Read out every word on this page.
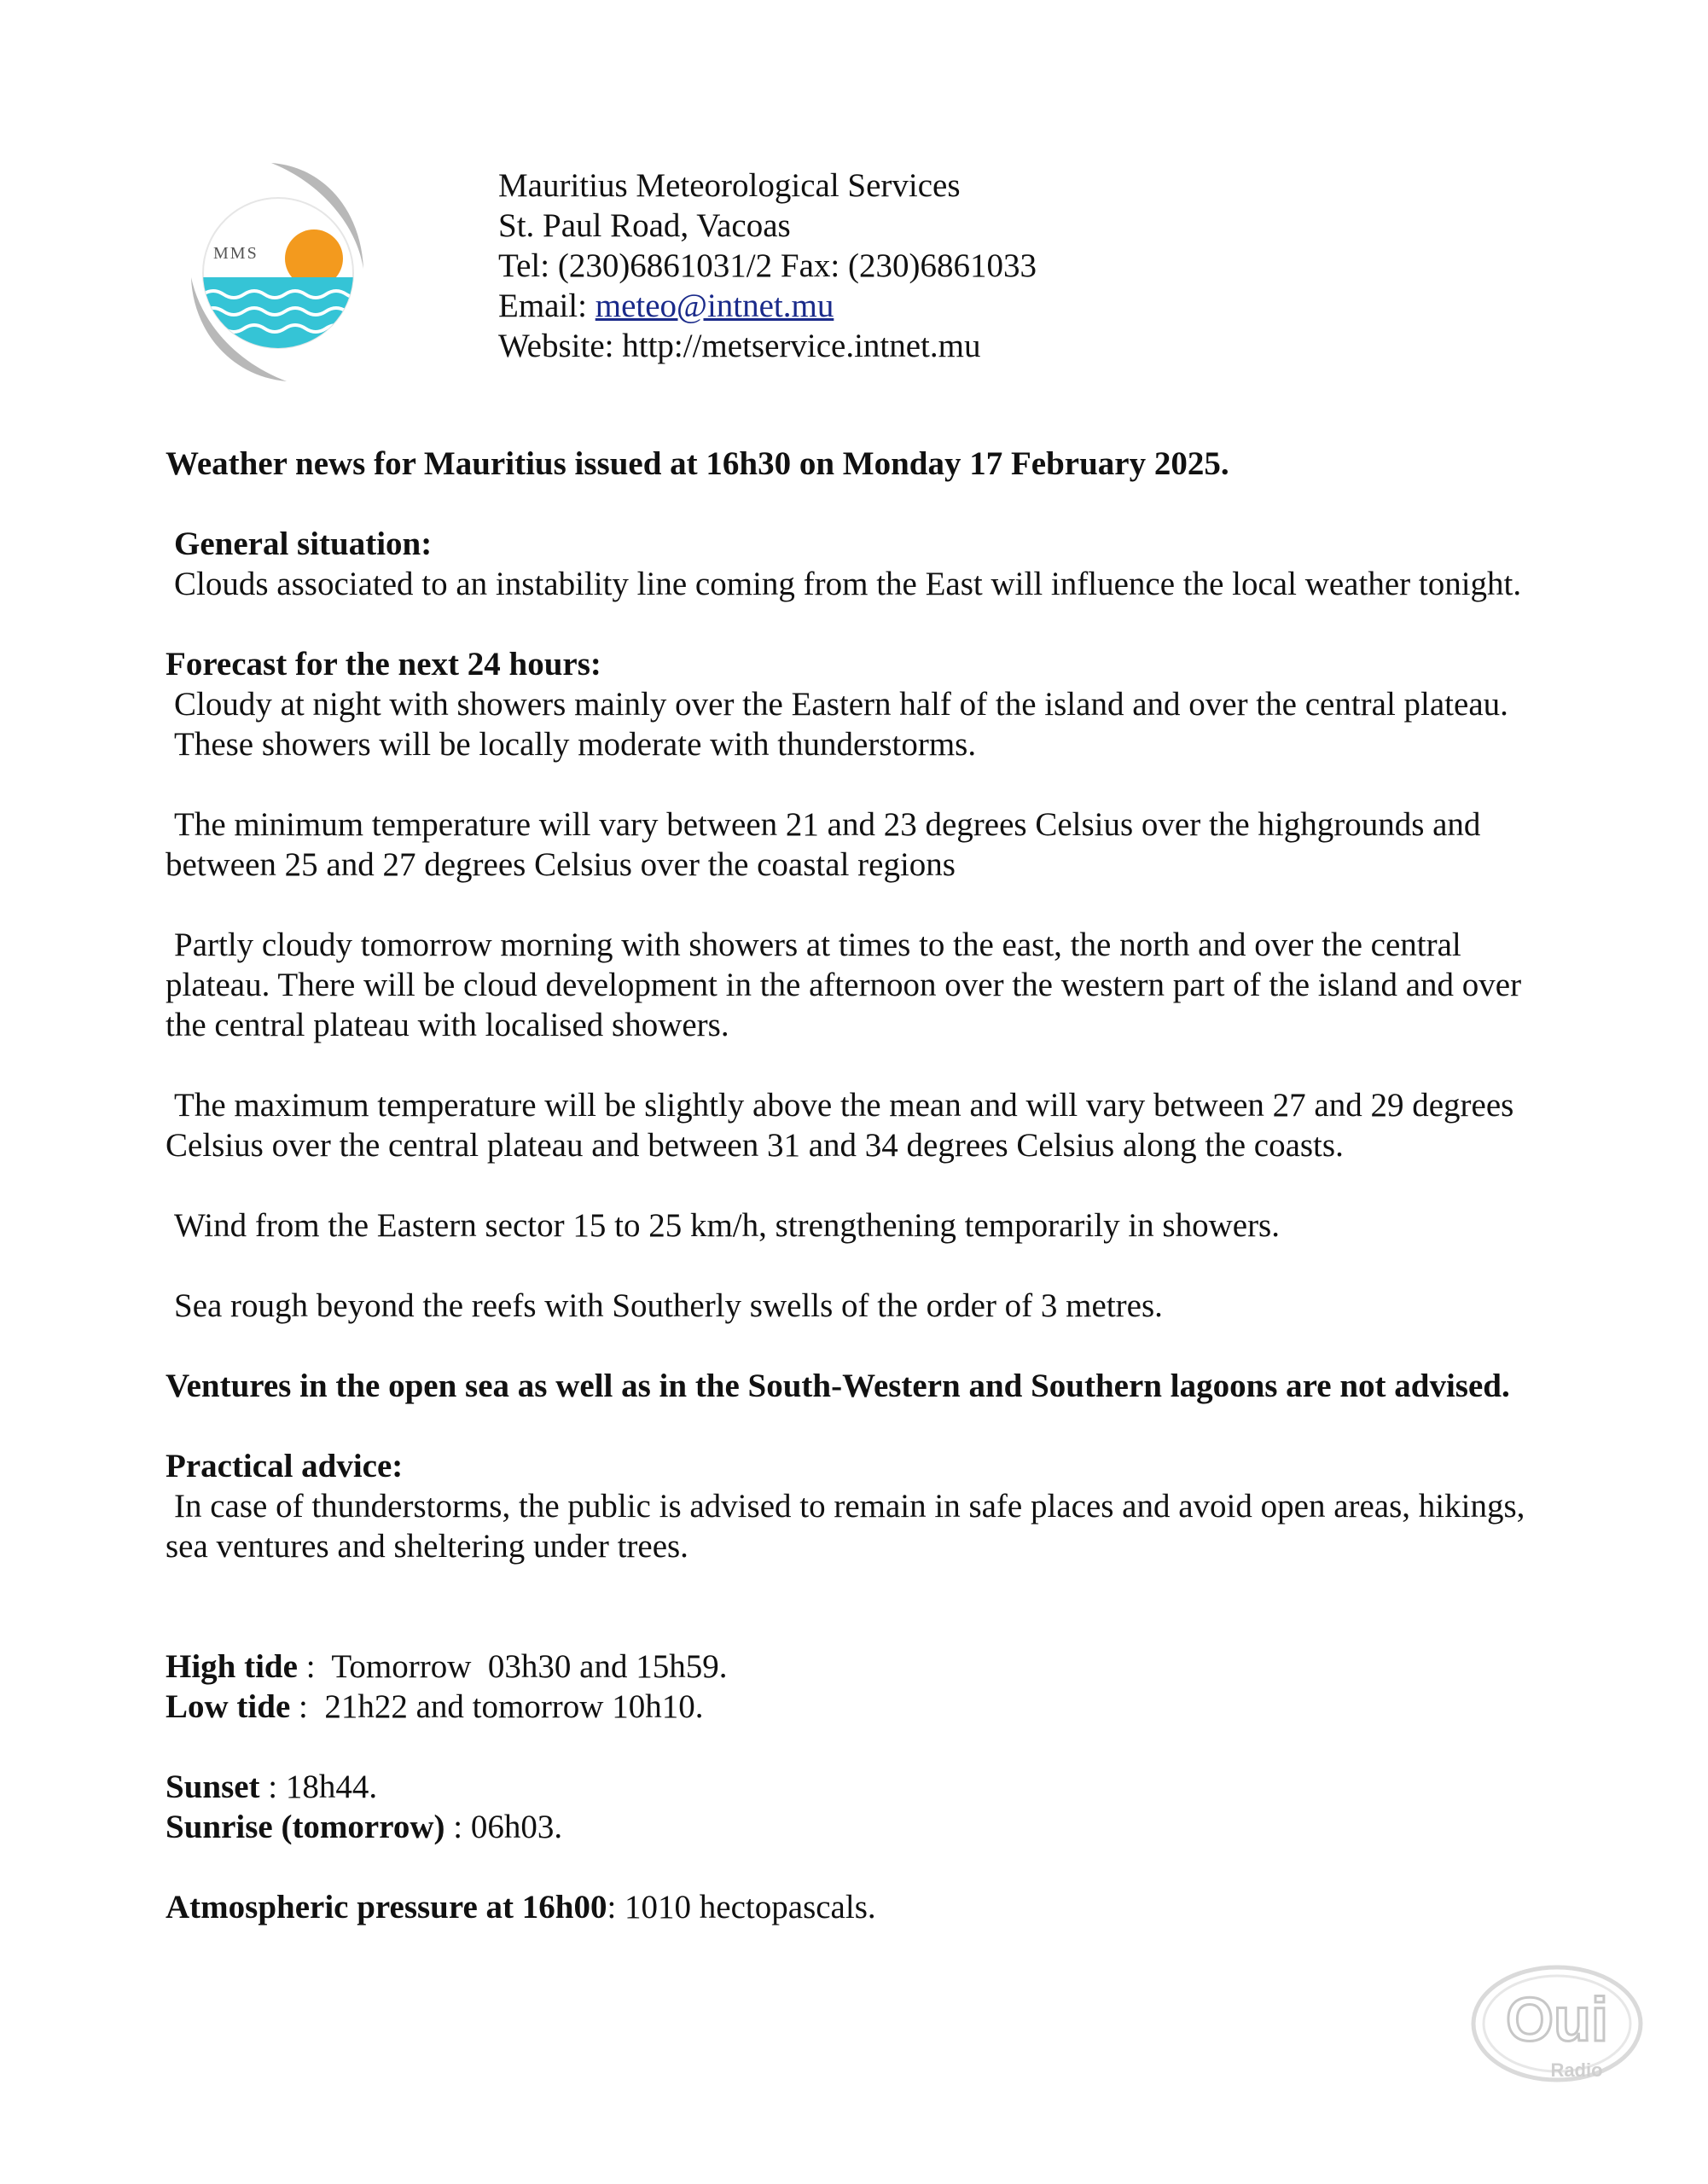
MMS
Mauritius Meteorological Services
St. Paul Road, Vacoas
Tel: (230)6861031/2 Fax: (230)6861033
Email: meteo@intnet.mu
Website: http://metservice.intnet.mu

Weather news for Mauritius issued at 16h30 on Monday 17 February 2025.

General situation:

Clouds associated to an instability line coming from the East will influence the local weather tonight.

Forecast for the next 24 hours:

Cloudy at night with showers mainly over the Eastern half of the island and over the central plateau.

These showers will be locally moderate with thunderstorms.

The minimum temperature will vary between 21 and 23 degrees Celsius over the highgrounds and between 25 and 27 degrees Celsius over the coastal regions

Partly cloudy tomorrow morning with showers at times to the east, the north and over the central plateau. There will be cloud development in the afternoon over the western part of the island and over the central plateau with localised showers.

The maximum temperature will be slightly above the mean and will vary between 27 and 29 degrees Celsius over the central plateau and between 31 and 34 degrees Celsius along the coasts.

Wind from the Eastern sector 15 to 25 km/h, strengthening temporarily in showers.

Sea rough beyond the reefs with Southerly swells of the order of 3 metres.

Ventures in the open sea as well as in the South-Western and Southern lagoons are not advised.

Practical advice:

In case of thunderstorms, the public is advised to remain in safe places and avoid open areas, hikings, sea ventures and sheltering under trees.

High tide :  Tomorrow  03h30 and 15h59.

Low tide :  21h22 and tomorrow 10h10.

Sunset : 18h44.

Sunrise (tomorrow) : 06h03.

Atmospheric pressure at 16h00: 1010 hectopascals.

Oui
Radio
